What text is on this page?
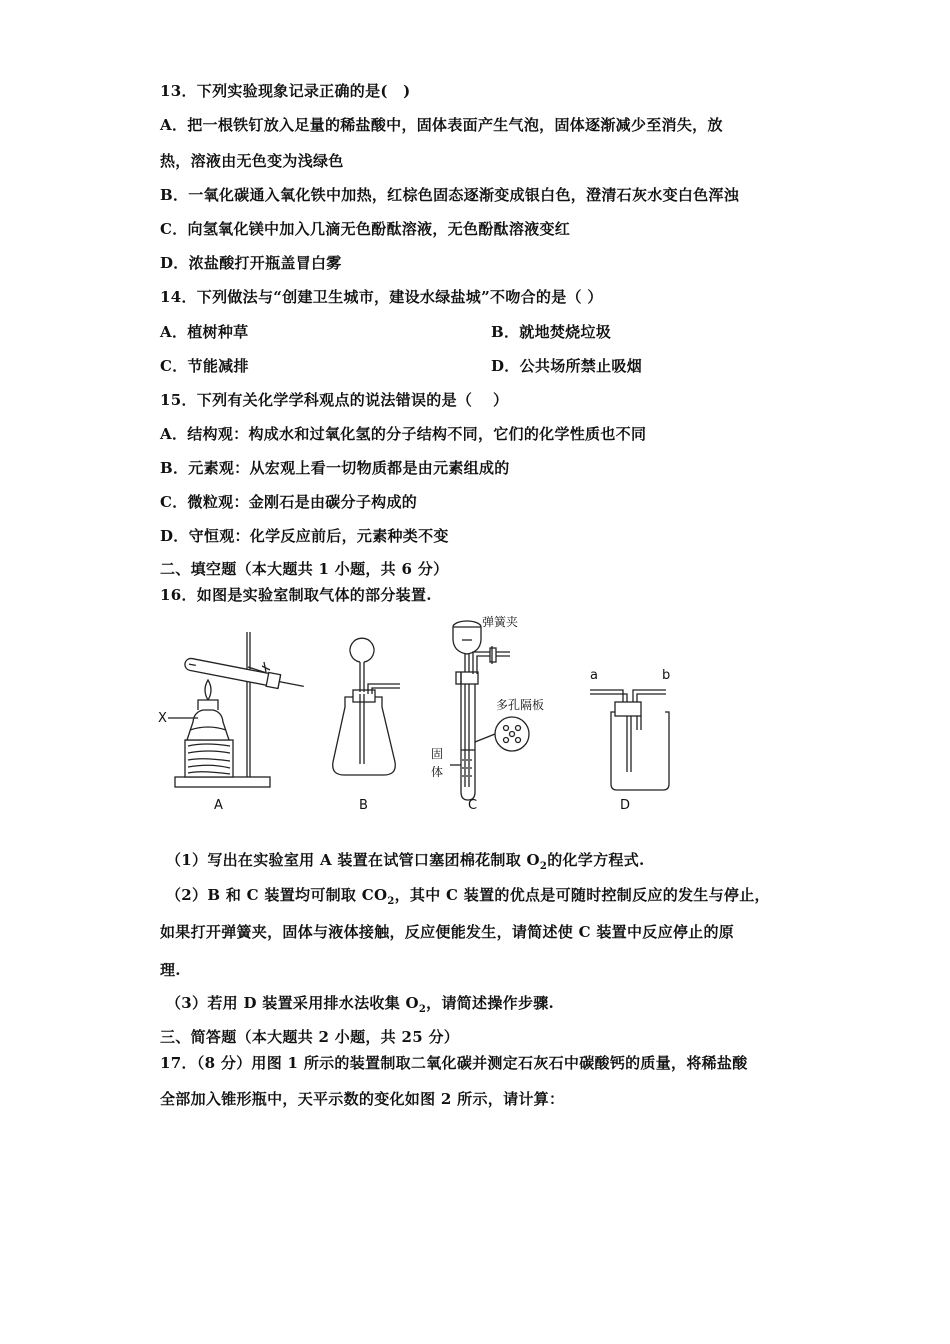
13．下列实验现象记录正确的是(　)
A．把一根铁钉放入足量的稀盐酸中，固体表面产生气泡，固体逐渐减少至消失，放
热，溶液由无色变为浅绿色
B．一氧化碳通入氧化铁中加热，红棕色固态逐渐变成银白色，澄清石灰水变白色浑浊
C．向氢氧化镁中加入几滴无色酚酞溶液，无色酚酞溶液变红
D．浓盐酸打开瓶盖冒白雾
14．下列做法与“创建卫生城市，建设水绿盐城”不吻合的是（ ）
A．植树种草	B．就地焚烧垃圾
C．节能减排	D．公共场所禁止吸烟
15．下列有关化学学科观点的说法错误的是（　 ）
A．结构观：构成水和过氧化氢的分子结构不同，它们的化学性质也不同
B．元素观：从宏观上看一切物质都是由元素组成的
C．微粒观：金刚石是由碳分子构成的
D．守恒观：化学反应前后，元素种类不变
二、填空题（本大题共 1 小题，共 6 分）
16．如图是实验室制取气体的部分装置.
A	B	C	D
X
弹簧夹
多孔隔板
固
体
a	b
（1）写出在实验室用 A 装置在试管口塞团棉花制取 $O_2$的化学方程式.
（2）B 和 C 装置均可制取 $CO_2$，其中 C 装置的优点是可随时控制反应的发生与停止，
如果打开弹簧夹，固体与液体接触，反应便能发生，请简述使 C 装置中反应停止的原
理.
（3）若用 D 装置采用排水法收集 $O_2$，请简述操作步骤.
三、简答题（本大题共 2 小题，共 25 分）
17．（8 分）用图 1 所示的装置制取二氧化碳并测定石灰石中碳酸钙的质量，将稀盐酸
全部加入锥形瓶中，天平示数的变化如图 2 所示，请计算：
